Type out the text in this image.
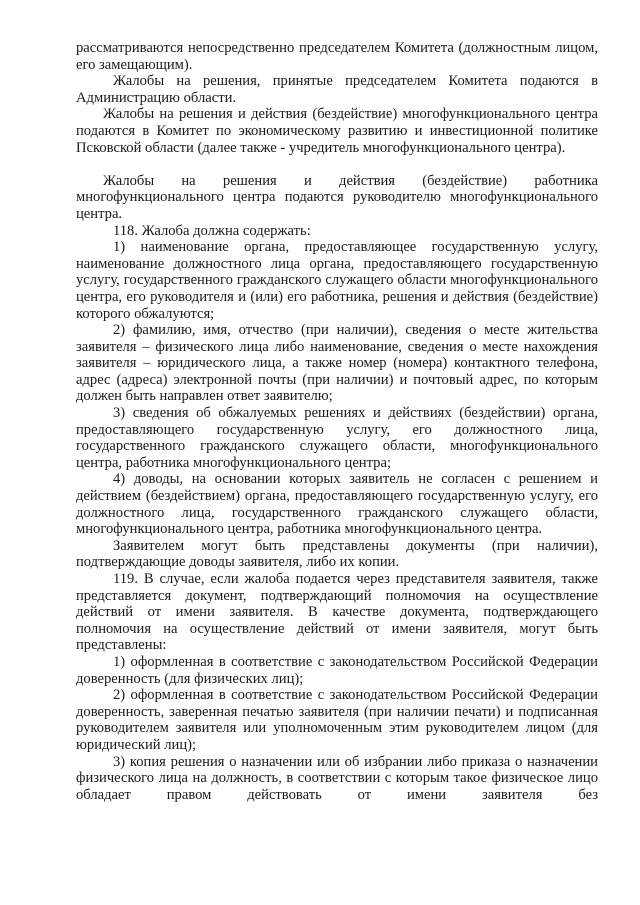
рассматриваются непосредственно председателем Комитета (должностным лицом, его замещающим).

Жалобы на решения, принятые председателем Комитета подаются в Администрацию области.

Жалобы на решения и действия (бездействие) многофункционального центра подаются в Комитет по экономическому развитию и инвестиционной политике Псковской области (далее также - учредитель многофункционального центра).

Жалобы на решения и действия (бездействие) работника многофункционального центра подаются руководителю многофункционального центра.

118. Жалоба должна содержать:

1) наименование органа, предоставляющее государственную услугу, наименование должностного лица органа, предоставляющего государственную услугу, государственного гражданского служащего области многофункционального центра, его руководителя и (или) его работника, решения и действия (бездействие) которого обжалуются;

2) фамилию, имя, отчество (при наличии), сведения о месте жительства заявителя – физического лица либо наименование, сведения о месте нахождения заявителя – юридического лица, а также номер (номера) контактного телефона, адрес (адреса) электронной почты (при наличии) и почтовый адрес, по которым должен быть направлен ответ заявителю;

3) сведения об обжалуемых решениях и действиях (бездействии) органа, предоставляющего государственную услугу, его должностного лица, государственного гражданского служащего области, многофункционального центра, работника многофункционального центра;

4) доводы, на основании которых заявитель не согласен с решением и действием (бездействием) органа, предоставляющего государственную услугу, его должностного лица, государственного гражданского служащего области, многофункционального центра, работника многофункционального центра.

Заявителем могут быть представлены документы (при наличии), подтверждающие доводы заявителя, либо их копии.

119. В случае, если жалоба подается через представителя заявителя, также представляется документ, подтверждающий полномочия на осуществление действий от имени заявителя. В качестве документа, подтверждающего полномочия на осуществление действий от имени заявителя, могут быть представлены:

1) оформленная в соответствие с законодательством Российской Федерации доверенность (для физических лиц);

2) оформленная в соответствие с законодательством Российской Федерации доверенность, заверенная печатью заявителя (при наличии печати) и подписанная руководителем заявителя или уполномоченным этим руководителем лицом (для юридический лиц);

3) копия решения о назначении или об избрании либо приказа о назначении физического лица на должность, в соответствии с которым такое физическое лицо обладает правом действовать от имени заявителя без
